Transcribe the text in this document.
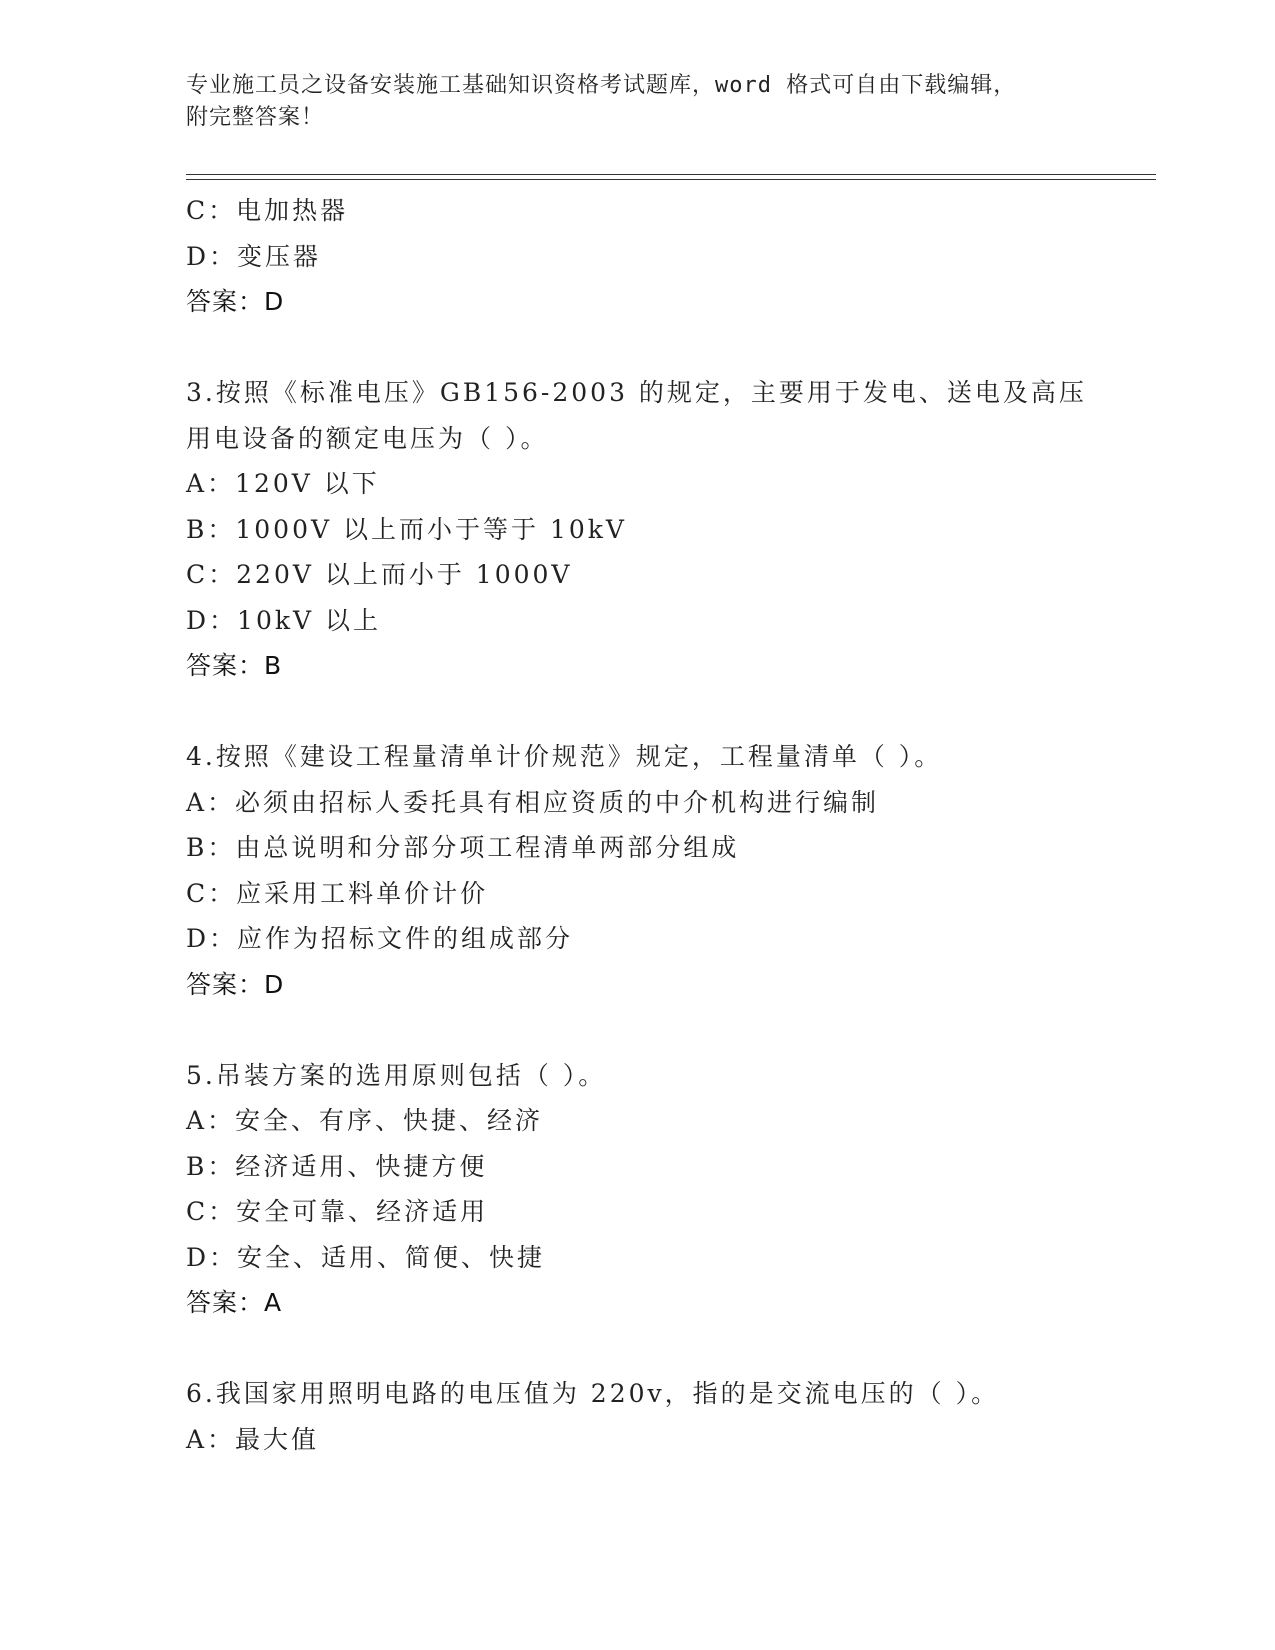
专业施工员之设备安装施工基础知识资格考试题库，word 格式可自由下载编辑，
附完整答案！
C：电加热器
D：变压器
答案：D
3.按照《标准电压》GB156-2003 的规定，主要用于发电、送电及高压
用电设备的额定电压为（ ）。
A：120V 以下
B：1000V 以上而小于等于 10kV
C：220V 以上而小于 1000V
D：10kV 以上
答案：B
4.按照《建设工程量清单计价规范》规定，工程量清单（ ）。
A：必须由招标人委托具有相应资质的中介机构进行编制
B：由总说明和分部分项工程清单两部分组成
C：应采用工料单价计价
D：应作为招标文件的组成部分
答案：D
5.吊装方案的选用原则包括（ ）。
A：安全、有序、快捷、经济
B：经济适用、快捷方便
C：安全可靠、经济适用
D：安全、适用、简便、快捷
答案：A
6.我国家用照明电路的电压值为 220v，指的是交流电压的（ ）。
A：最大值
